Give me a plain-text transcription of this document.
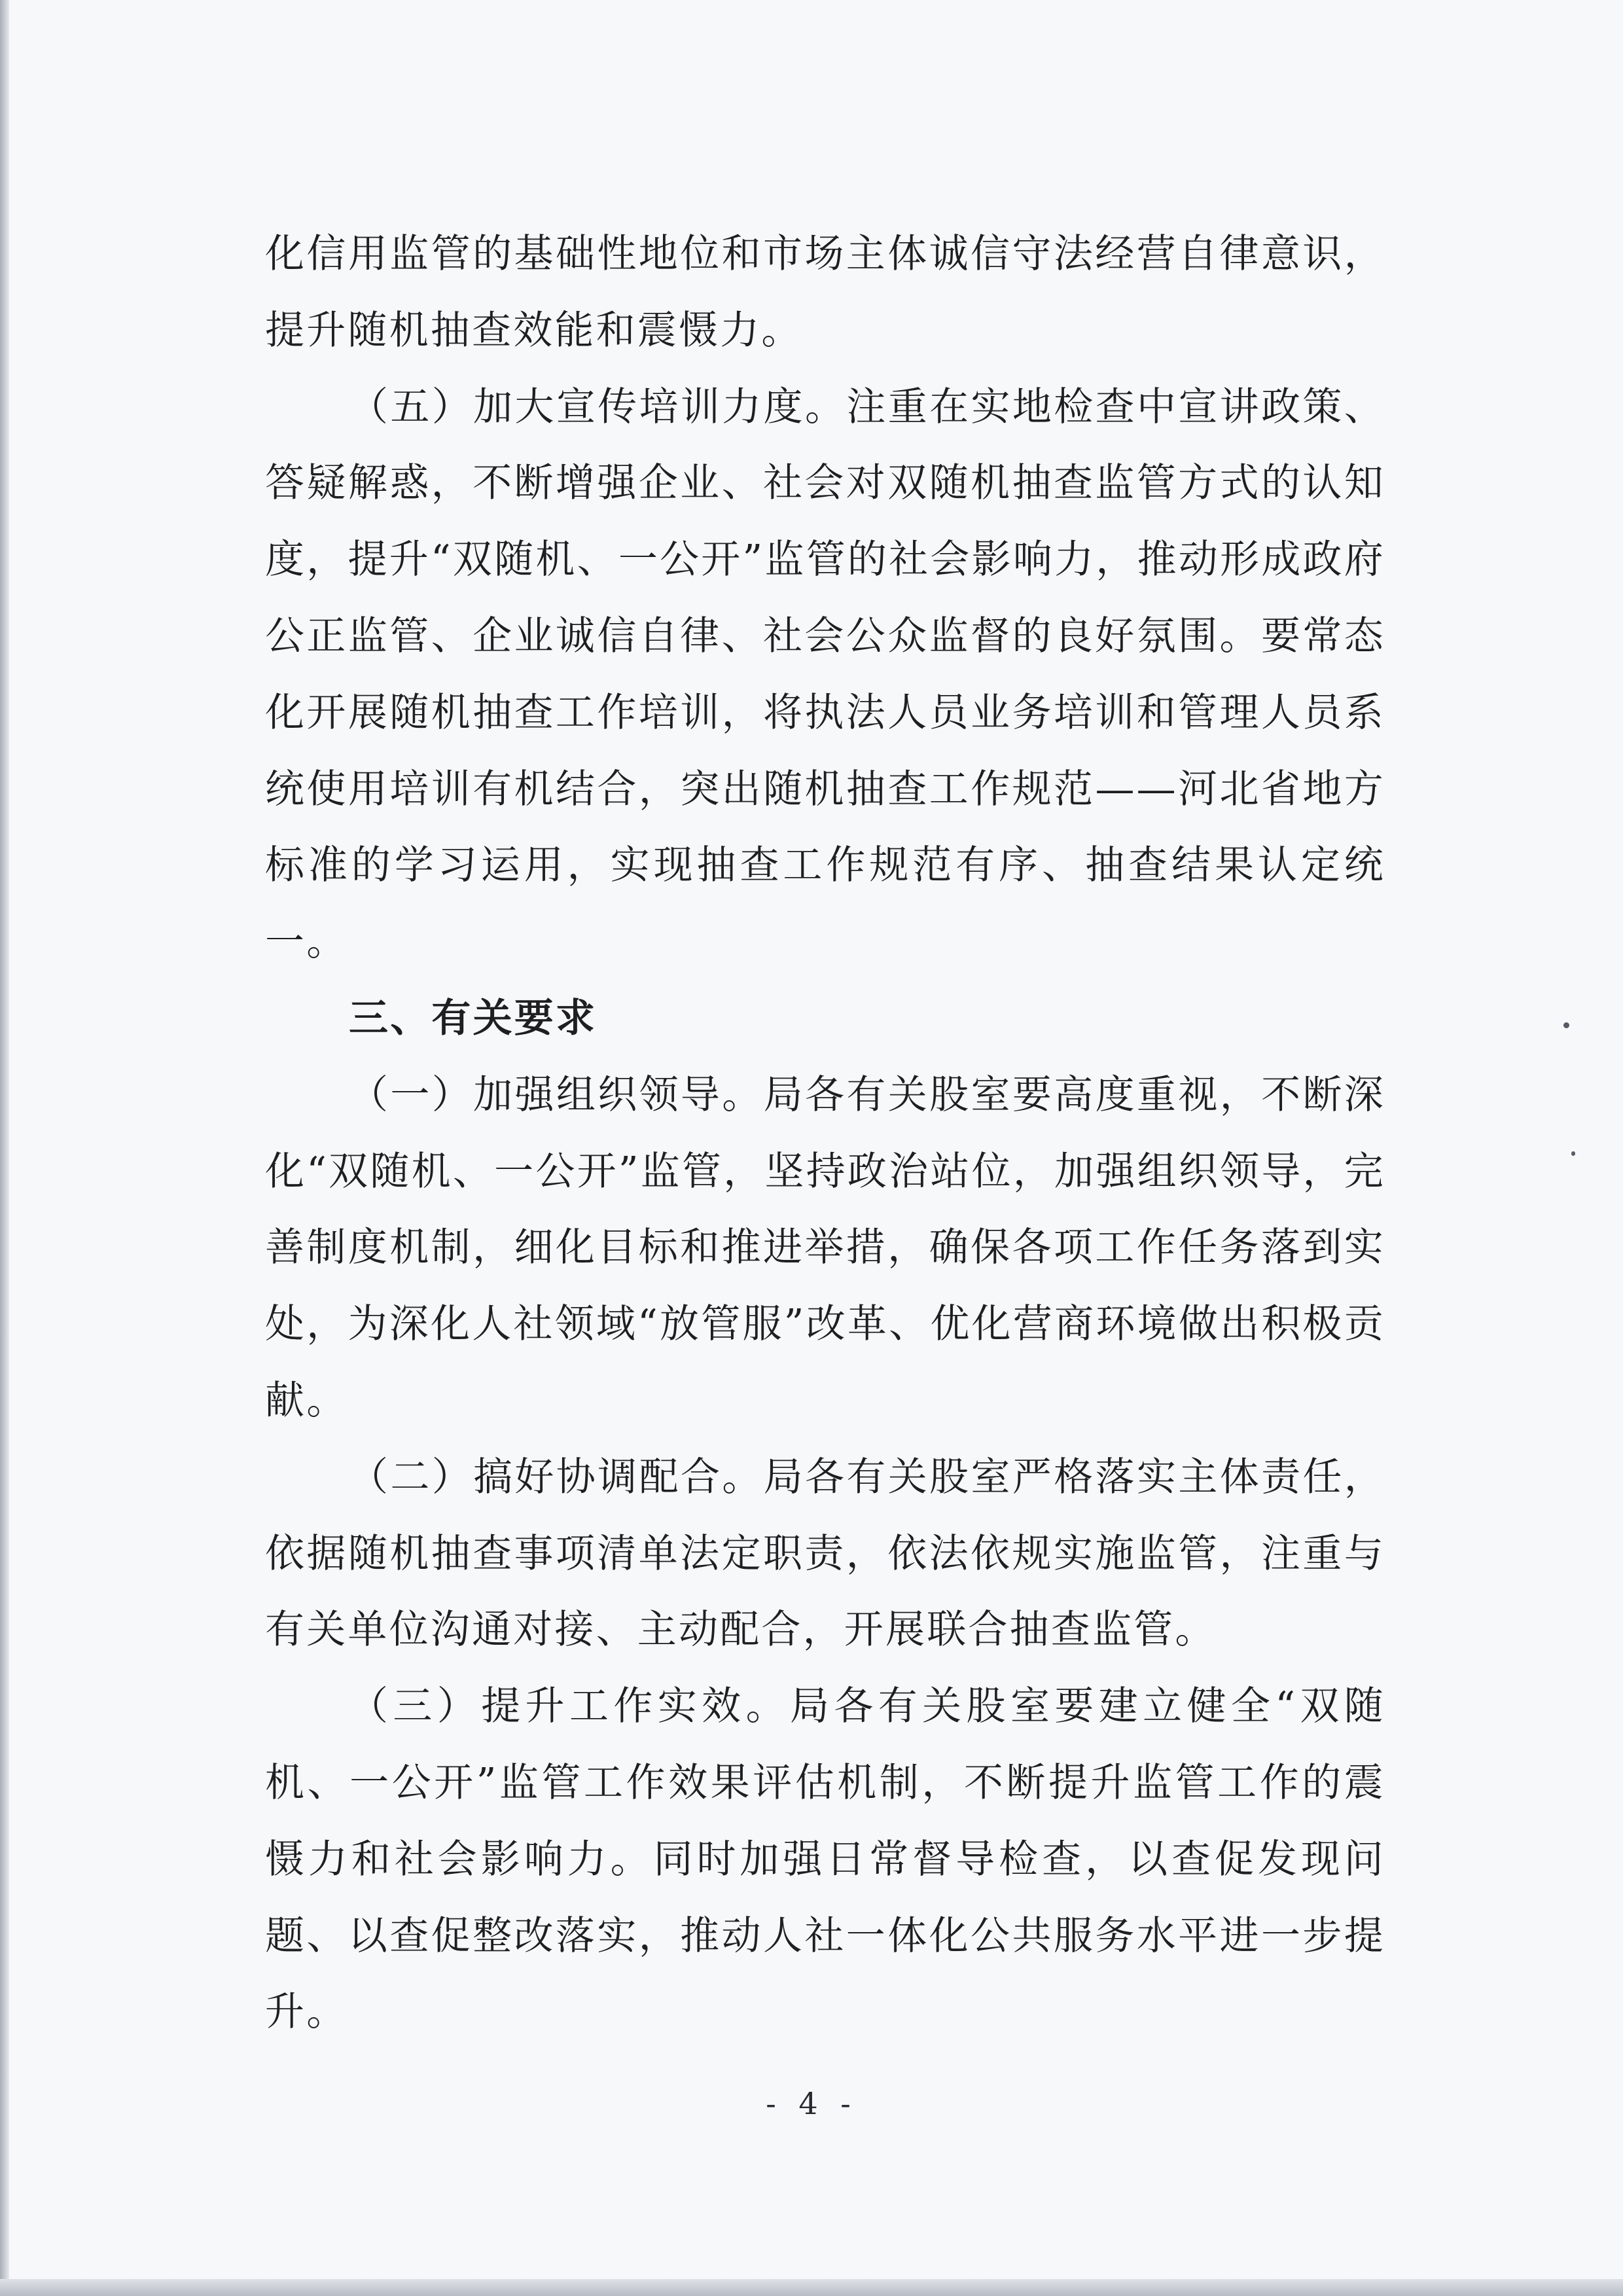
化信用监管的基础性地位和市场主体诚信守法经营自律意识，提升随机抽查效能和震慑力。

（五）加大宣传培训力度。注重在实地检查中宣讲政策、答疑解惑，不断增强企业、社会对双随机抽查监管方式的认知度，提升“双随机、一公开”监管的社会影响力，推动形成政府公正监管、企业诚信自律、社会公众监督的良好氛围。要常态化开展随机抽查工作培训，将执法人员业务培训和管理人员系统使用培训有机结合，突出随机抽查工作规范——河北省地方标准的学习运用，实现抽查工作规范有序、抽查结果认定统一。

三、有关要求

（一）加强组织领导。局各有关股室要高度重视，不断深化“双随机、一公开”监管，坚持政治站位，加强组织领导，完善制度机制，细化目标和推进举措，确保各项工作任务落到实处，为深化人社领域“放管服”改革、优化营商环境做出积极贡献。

（二）搞好协调配合。局各有关股室严格落实主体责任，依据随机抽查事项清单法定职责，依法依规实施监管，注重与有关单位沟通对接、主动配合，开展联合抽查监管。

（三）提升工作实效。局各有关股室要建立健全“双随机、一公开”监管工作效果评估机制，不断提升监管工作的震慑力和社会影响力。同时加强日常督导检查，以查促发现问题、以查促整改落实，推动人社一体化公共服务水平进一步提升。

- 4 -
